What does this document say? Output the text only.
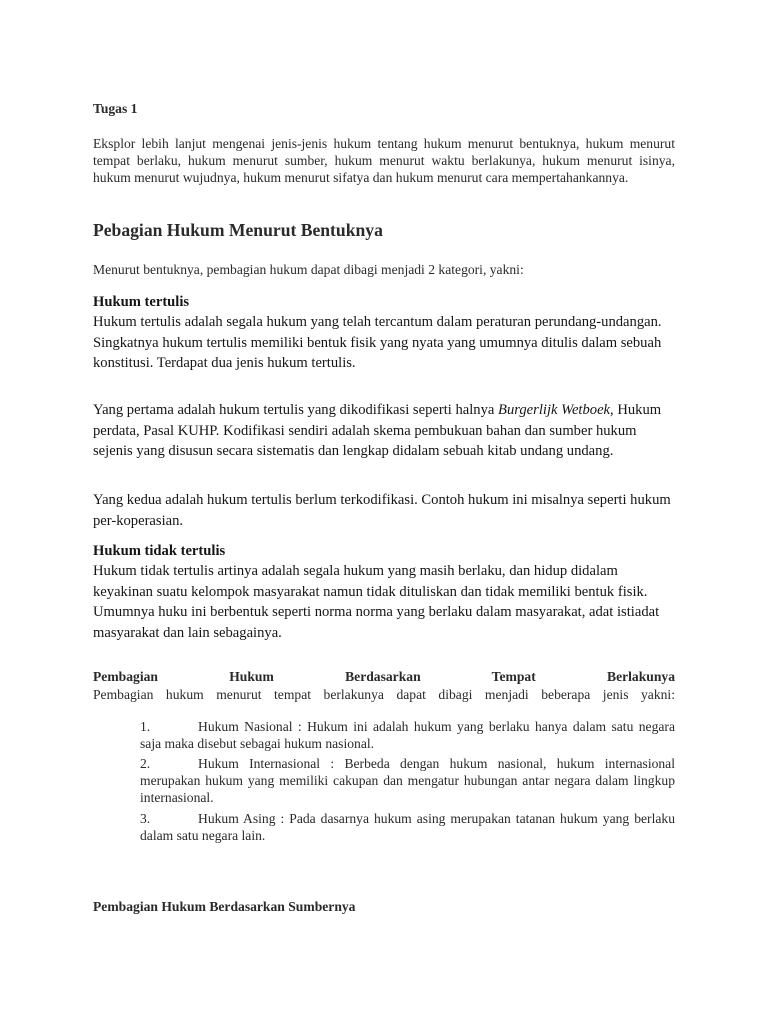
Tugas 1
Eksplor lebih lanjut mengenai jenis-jenis hukum tentang hukum menurut bentuknya, hukum menurut tempat berlaku, hukum menurut sumber, hukum menurut waktu berlakunya, hukum menurut isinya, hukum menurut wujudnya, hukum menurut sifatya dan hukum menurut cara mempertahankannya.
Pebagian Hukum Menurut Bentuknya
Menurut bentuknya, pembagian hukum dapat dibagi menjadi 2 kategori, yakni:
Hukum tertulis
Hukum tertulis adalah segala hukum yang telah tercantum dalam peraturan perundang-undangan. Singkatnya hukum tertulis memiliki bentuk fisik yang nyata yang umumnya ditulis dalam sebuah konstitusi. Terdapat dua jenis hukum tertulis.
Yang pertama adalah hukum tertulis yang dikodifikasi seperti halnya Burgerlijk Wetboek, Hukum perdata, Pasal KUHP. Kodifikasi sendiri adalah skema pembukuan bahan dan sumber hukum sejenis yang disusun secara sistematis dan lengkap didalam sebuah kitab undang undang.
Yang kedua adalah hukum tertulis berlum terkodifikasi. Contoh hukum ini misalnya seperti hukum per-koperasian.
Hukum tidak tertulis
Hukum tidak tertulis artinya adalah segala hukum yang masih berlaku, dan hidup didalam keyakinan suatu kelompok masyarakat namun tidak dituliskan dan tidak memiliki bentuk fisik. Umumnya huku ini berbentuk seperti norma norma yang berlaku dalam masyarakat, adat istiadat masyarakat dan lain sebagainya.
Pembagian Hukum Berdasarkan Tempat Berlakunya
Pembagian hukum menurut tempat berlakunya dapat dibagi menjadi beberapa jenis yakni:
1.	Hukum Nasional : Hukum ini adalah hukum yang berlaku hanya dalam satu negara saja maka disebut sebagai hukum nasional.
2.	Hukum Internasional : Berbeda dengan hukum nasional, hukum internasional merupakan hukum yang memiliki cakupan dan mengatur hubungan antar negara dalam lingkup internasional.
3.	Hukum Asing : Pada dasarnya hukum asing merupakan tatanan hukum yang berlaku dalam satu negara lain.
Pembagian Hukum Berdasarkan Sumbernya
